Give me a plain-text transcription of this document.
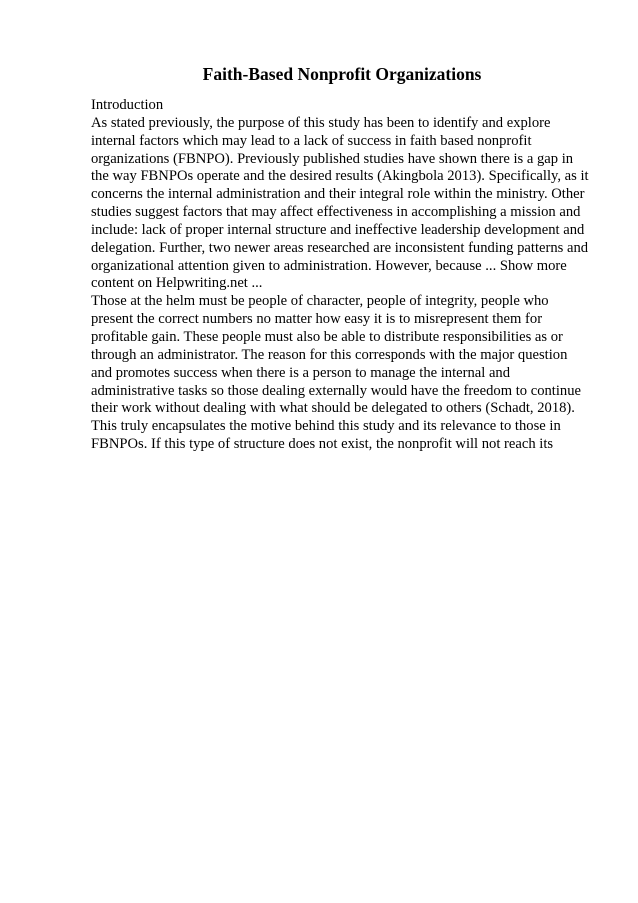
Faith-Based Nonprofit Organizations
Introduction
As stated previously, the purpose of this study has been to identify and explore
internal factors which may lead to a lack of success in faith based nonprofit
organizations (FBNPO). Previously published studies have shown there is a gap in
the way FBNPOs operate and the desired results (Akingbola 2013). Specifically, as it
concerns the internal administration and their integral role within the ministry. Other
studies suggest factors that may affect effectiveness in accomplishing a mission and
include: lack of proper internal structure and ineffective leadership development and
delegation. Further, two newer areas researched are inconsistent funding patterns and
organizational attention given to administration. However, because ... Show more
content on Helpwriting.net ...
Those at the helm must be people of character, people of integrity, people who
present the correct numbers no matter how easy it is to misrepresent them for
profitable gain. These people must also be able to distribute responsibilities as or
through an administrator. The reason for this corresponds with the major question
and promotes success when there is a person to manage the internal and
administrative tasks so those dealing externally would have the freedom to continue
their work without dealing with what should be delegated to others (Schadt, 2018).
This truly encapsulates the motive behind this study and its relevance to those in
FBNPOs. If this type of structure does not exist, the nonprofit will not reach its
